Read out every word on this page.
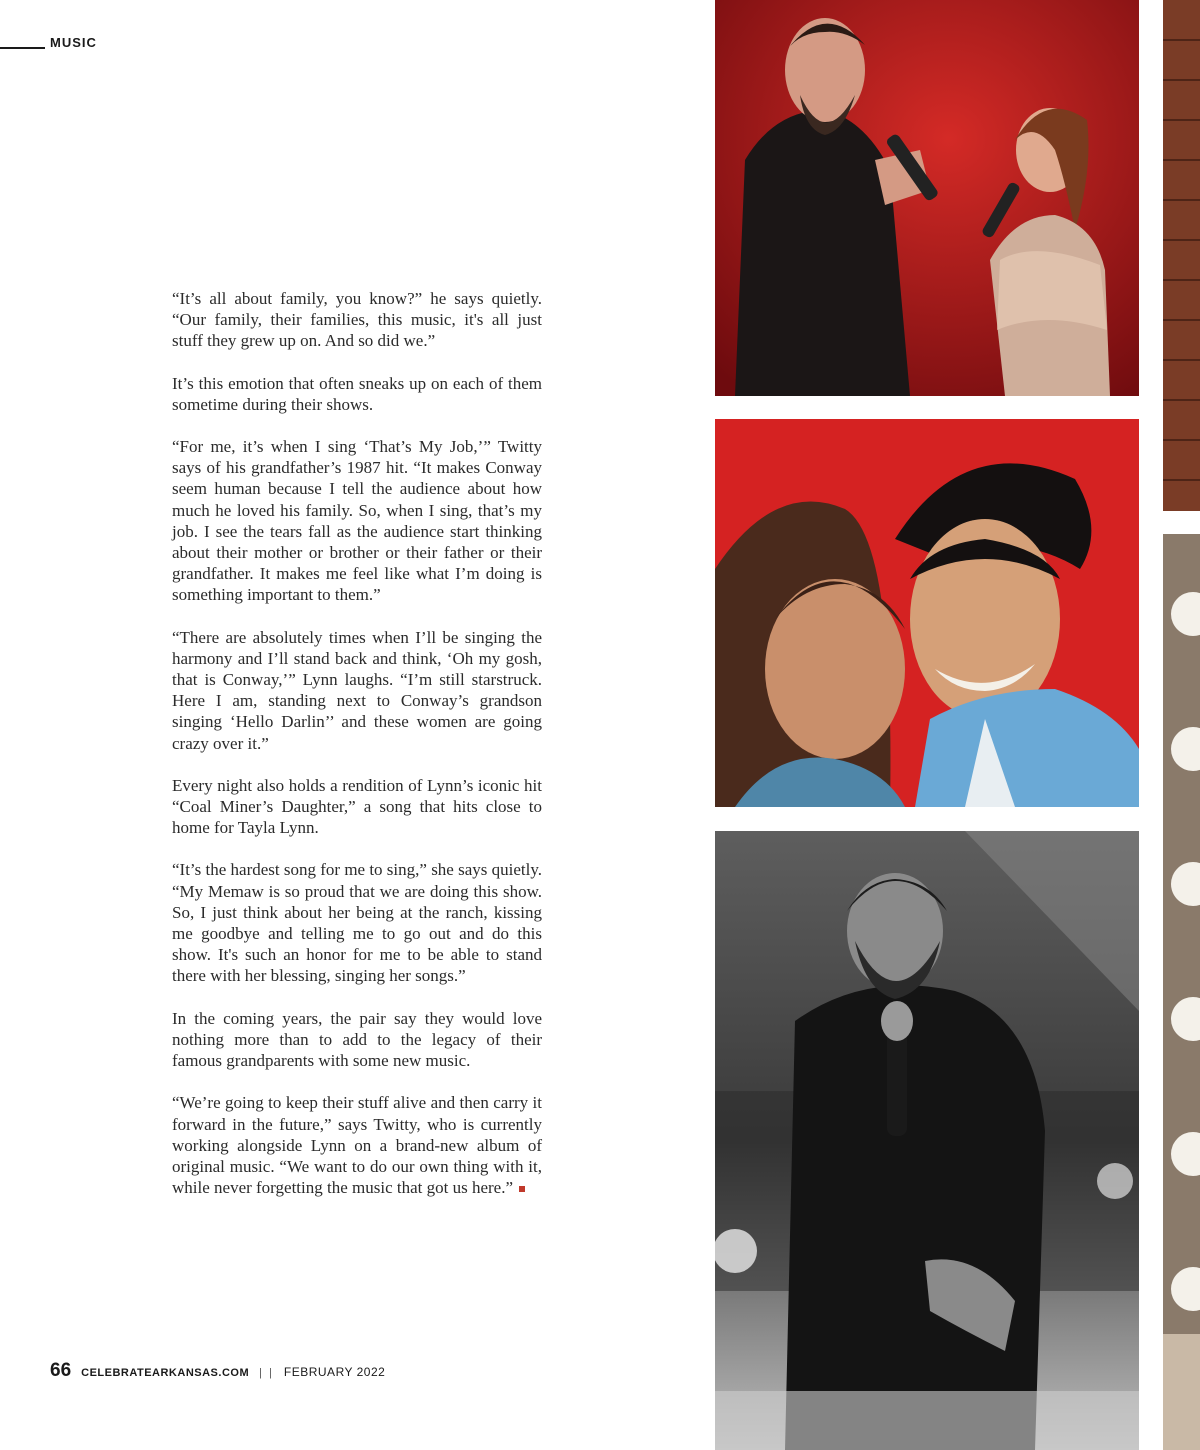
MUSIC

“It’s all about family, you know?” he says quietly. “Our family, their families, this music, it's all just stuff they grew up on. And so did we.”

It’s this emotion that often sneaks up on each of them sometime during their shows.

“For me, it’s when I sing ‘That’s My Job,’” Twitty says of his grandfather’s 1987 hit. “It makes Conway seem human because I tell the audience about how much he loved his family. So, when I sing, that’s my job. I see the tears fall as the audience start thinking about their mother or brother or their father or their grandfather. It makes me feel like what I’m doing is something important to them.”

“There are absolutely times when I’ll be singing the harmony and I’ll stand back and think, ‘Oh my gosh, that is Conway,’” Lynn laughs. “I’m still starstruck. Here I am, standing next to Conway’s grandson singing ‘Hello Darlin’’ and these women are going crazy over it.”

Every night also holds a rendition of Lynn’s iconic hit “Coal Miner’s Daughter,” a song that hits close to home for Tayla Lynn.

“It’s the hardest song for me to sing,” she says quietly. “My Memaw is so proud that we are doing this show. So, I just think about her being at the ranch, kissing me goodbye and telling me to go out and do this show. It's such an honor for me to be able to stand there with her blessing, singing her songs.”

In the coming years, the pair say they would love nothing more than to add to the legacy of their famous grandparents with some new music.

“We’re going to keep their stuff alive and then carry it forward in the future,” says Twitty, who is currently working alongside Lynn on a brand-new album of original music. “We want to do our own thing with it, while never forgetting the music that got us here.”

66 CELEBRATEARKANSAS.COM | | FEBRUARY 2022
